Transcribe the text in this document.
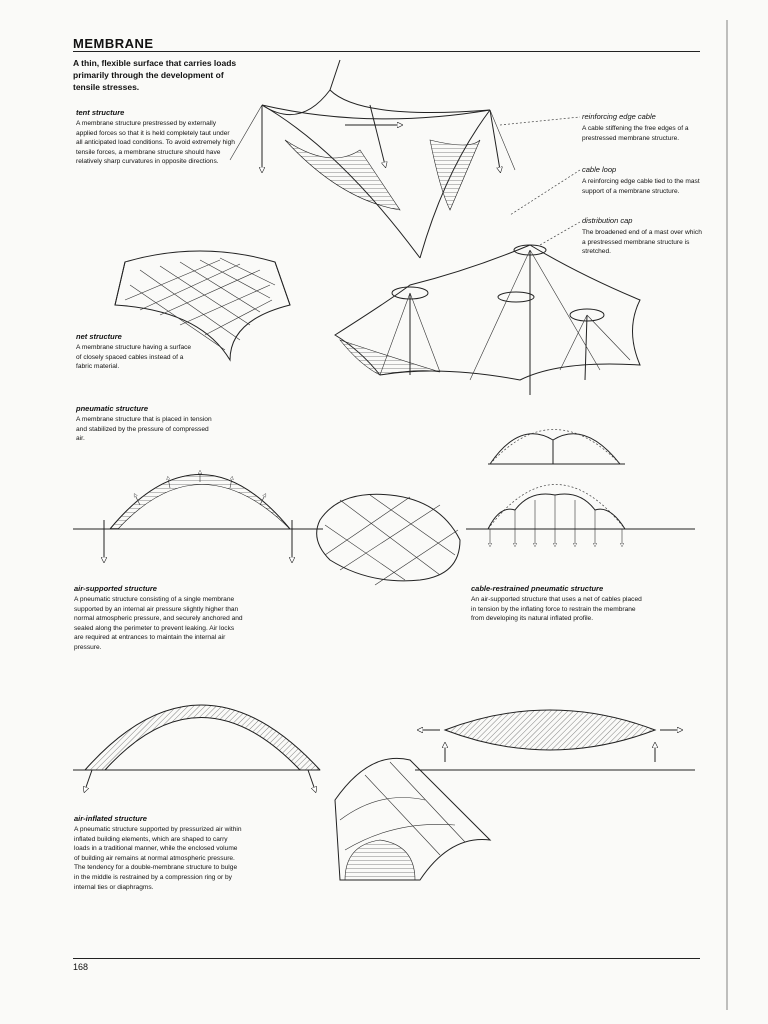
MEMBRANE
A thin, flexible surface that carries loads primarily through the development of tensile stresses.
tent structure
A membrane structure prestressed by externally applied forces so that it is held completely taut under all anticipated load conditions. To avoid extremely high tensile forces, a membrane structure should have relatively sharp curvatures in opposite directions.
reinforcing edge cable
A cable stiffening the free edges of a prestressed membrane structure.
cable loop
A reinforcing edge cable tied to the mast support of a membrane structure.
distribution cap
The broadened end of a mast over which a prestressed membrane structure is stretched.
net structure
A membrane structure having a surface of closely spaced cables instead of a fabric material.
pneumatic structure
A membrane structure that is placed in tension and stabilized by the pressure of compressed air.
air-supported structure
A pneumatic structure consisting of a single membrane supported by an internal air pressure slightly higher than normal atmospheric pressure, and securely anchored and sealed along the perimeter to prevent leaking. Air locks are required at entrances to maintain the internal air pressure.
cable-restrained pneumatic structure
An air-supported structure that uses a net of cables placed in tension by the inflating force to restrain the membrane from developing its natural inflated profile.
air-inflated structure
A pneumatic structure supported by pressurized air within inflated building elements, which are shaped to carry loads in a traditional manner, while the enclosed volume of building air remains at normal atmospheric pressure. The tendency for a double-membrane structure to bulge in the middle is restrained by a compression ring or by internal ties or diaphragms.
168
